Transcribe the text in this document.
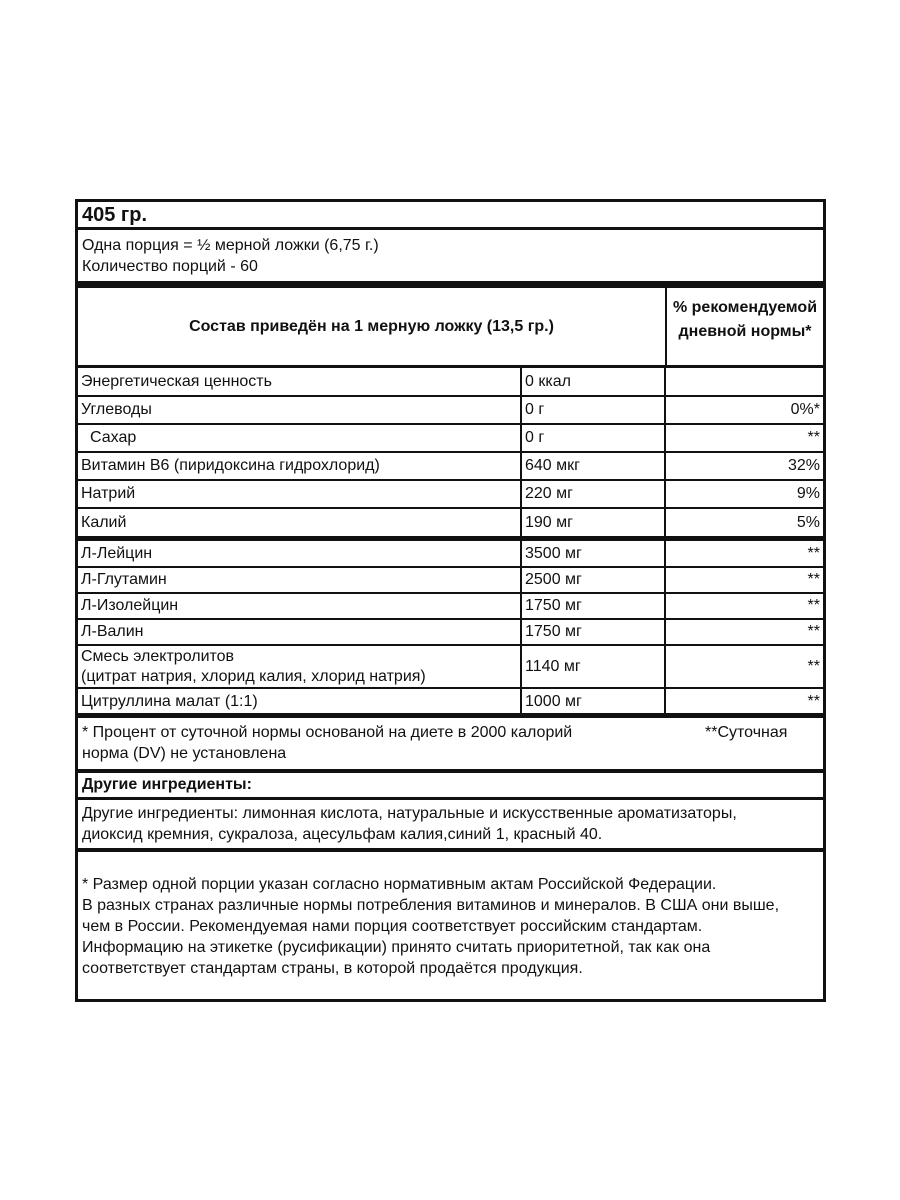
405 гр.
Одна порция = ½ мерной ложки (6,75 г.)
Количество порций - 60
Состав приведён на 1 мерную ложку (13,5 гр.)
% рекомендуемой
дневной нормы*
Энергетическая ценность	0 ккал	
Углеводы	0 г	0%*
Сахар	0 г	**
Витамин В6 (пиридоксина гидрохлорид)	640 мкг	32%
Натрий	220 мг	9%
Калий	190 мг	5%
Л-Лейцин	3500 мг	**
Л-Глутамин	2500 мг	**
Л-Изолейцин	1750 мг	**
Л-Валин	1750 мг	**

Смесь электролитов
(цитрат натрия, хлорид калия, хлорид натрия)	1140 мг	**
Цитруллина малат (1:1)	1000 мг	**
* Процент от суточной нормы основаной на диете в 2000 калорий
норма (DV) не установлена
**Суточная
Другие ингредиенты:
Другие ингредиенты: лимонная кислота, натуральные и искусственные ароматизаторы,
диоксид кремния, сукралоза, ацесульфам калия,синий 1, красный 40.
* Размер одной порции указан согласно нормативным актам Российской Федерации.
В разных странах различные нормы потребления витаминов и минералов. В США они выше,
чем в России. Рекомендуемая нами порция соответствует российским стандартам.
Информацию на этикетке (русификации) принято считать приоритетной, так как она
соответствует стандартам страны, в которой продаётся продукция.
